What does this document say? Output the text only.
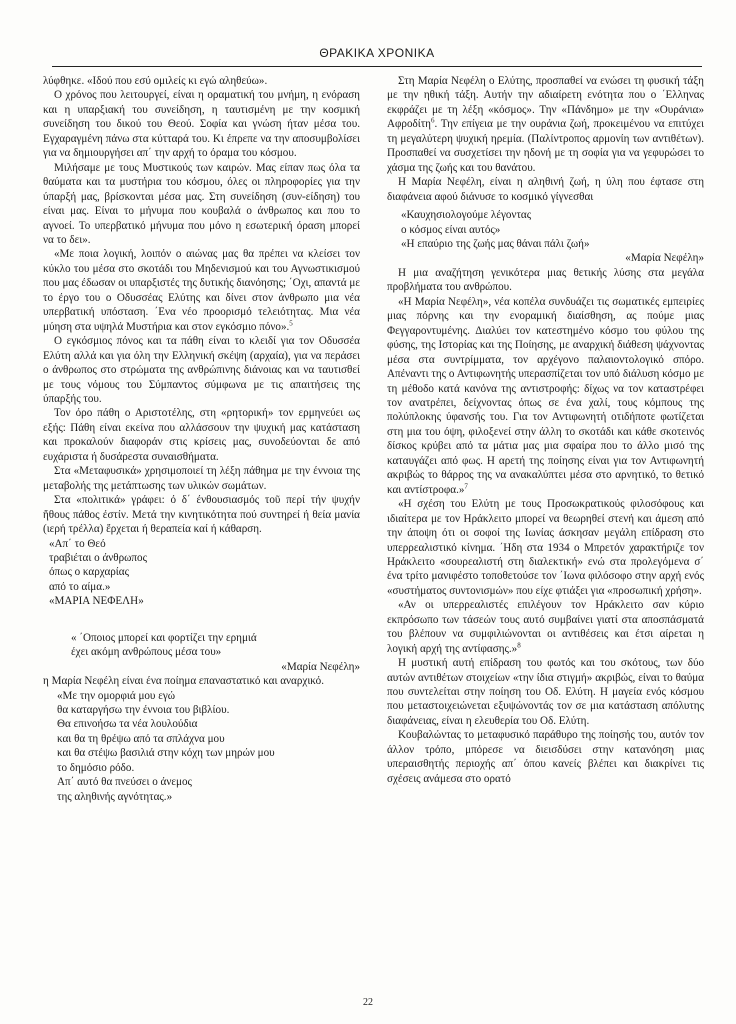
ΘΡΑΚΙΚΑ ΧΡΟΝΙΚΑ

λύφθηκε. «Ιδού που εσύ ομιλείς κι εγώ αληθεύω».

Ο χρόνος που λειτουργεί, είναι η οραματική του μνήμη, η ενόραση και η υπαρξιακή του συνείδηση, η ταυτισμένη με την κοσμική συνείδηση του δικού του Θεού. Σοφία και γνώση ήταν μέσα του. Εγχαραγμένη πάνω στα κύτταρά του. Κι έπρεπε να την αποσυμβολίσει για να δημιουργήσει απ΄ την αρχή το όραμα του κόσμου.

Μιλήσαμε με τους Μυστικούς των καιρών. Μας είπαν πως όλα τα θαύματα και τα μυστήρια του κόσμου, όλες οι πληροφορίες για την ύπαρξή μας, βρίσκονται μέσα μας. Στη συνείδηση (συν-είδηση) του είναι μας. Είναι το μήνυμα που κουβαλά ο άνθρωπος και που το αγνοεί. Το υπερβατικό μήνυμα που μόνο η εσωτερική όραση μπορεί να το δει».

«Με ποια λογική, λοιπόν ο αιώνας μας θα πρέπει να κλείσει τον κύκλο του μέσα στο σκοτάδι του Μηδενισμού και του Αγνωστικισμού που μας έδωσαν οι υπαρξιστές της δυτικής διανόησης; ΄Οχι, απαντά με το έργο του ο Οδυσσέας Ελύτης και δίνει στον άνθρωπο μια νέα υπερβατική υπόσταση. ΄Ενα νέο προορισμό τελειότητας. Μια νέα μύηση στα υψηλά Μυστήρια και στον εγκόσμιο πόνο».$^5$

Ο εγκόσμιος πόνος και τα πάθη είναι το κλειδί για τον Οδυσσέα Ελύτη αλλά και για όλη την Ελληνική σκέψη (αρχαία), για να περάσει ο άνθρωπος στο στρώματα της ανθρώπινης διάνοιας και να ταυτισθεί με τους νόμους του Σύμπαντος σύμφωνα με τις απαιτήσεις της ύπαρξής του.

Τον όρο πάθη ο Αριστοτέλης, στη «ρητορική» τον ερμηνεύει ως εξής: Πάθη είναι εκείνα που αλλάσσουν την ψυχική μας κατάσταση και προκαλούν διαφοράν στις κρίσεις μας, συνοδεύονται δε από ευχάριστα ή δυσάρεστα συναισθήματα.

Στα «Μεταφυσικά» χρησιμοποιεί τη λέξη πάθημα με την έννοια της μεταβολής της μετάπτωσης των υλικών σωμάτων.

Στα «πολιτικά» γράφει: ό δ΄ ένθουσιασμός τοῦ περί τήν ψυχήν ἤθους πάθος έστίν. Μετά την κινητικότητα πού συντηρεί ή θεία μανία (ιερή τρέλλα) ἔρχεται ή θεραπεία καί ή κάθαρση.

«Απ΄ το Θεό
τραβιέται ο άνθρωπος
όπως ο καρχαρίας
από το αίμα.»
«ΜΑΡΙΑ ΝΕΦΕΛΗ»
« ΄Οποιος μπορεί και φορτίζει την ερημιά
έχει ακόμη ανθρώπους μέσα του»
«Μαρία Νεφέλη»

η Μαρία Νεφέλη είναι ένα ποίημα επαναστατικό και αναρχικό.

«Με την ομορφιά μου εγώ
θα καταργήσω την έννοια του βιβλίου.
Θα επινοήσω τα νέα λουλούδια
και θα τη θρέψω από τα σπλάχνα μου
και θα στέψω βασιλιά στην κόχη των μηρών μου
το δημόσιο ρόδο.
Απ΄ αυτό θα πνεύσει ο άνεμος
της αληθινής αγνότητας.»

Στη Μαρία Νεφέλη ο Ελύτης, προσπαθεί να ενώσει τη φυσική τάξη με την ηθική τάξη. Αυτήν την αδιαίρετη ενότητα που ο ΄Ελληνας εκφράζει με τη λέξη «κόσμος». Την «Πάνδημο» με την «Ουράνια» Αφροδίτη$^6$. Την επίγεια με την ουράνια ζωή, προκειμένου να επιτύχει τη μεγαλύτερη ψυχική ηρεμία. (Παλίντροπος αρμονίη των αντιθέτων). Προσπαθεί να συσχετίσει την ηδονή με τη σοφία για να γεφυρώσει το χάσμα της ζωής και του θανάτου.

Η Μαρία Νεφέλη, είναι η αληθινή ζωή, η ύλη που έφτασε στη διαφάνεια αφού διάνυσε το κοσμικό γίγνεσθαι

«Καυχησιολογούμε λέγοντας
ο κόσμος είναι αυτός»
«Η επαύριο της ζωής μας θάναι πάλι ζωή»
«Μαρία Νεφέλη»

Η μια αναζήτηση γενικότερα μιας θετικής λύσης στα μεγάλα προβλήματα του ανθρώπου.

«Η Μαρία Νεφέλη», νέα κοπέλα συνδυάζει τις σωματικές εμπειρίες μιας πόρνης και την ενοραμική διαίσθηση, ας πούμε μιας Φεγγαροντυμένης. Διαλύει τον κατεστημένο κόσμο του φύλου της φύσης, της Ιστορίας και της Ποίησης, με αναρχική διάθεση ψάχνοντας μέσα στα συντρίμματα, τον αρχέγονο παλαιοντολογικό σπόρο. Απέναντι της ο Αντιφωνητής υπερασπίζεται τον υπό διάλυση κόσμο με τη μέθοδο κατά κανόνα της αντιστροφής: δίχως να τον καταστρέφει τον ανατρέπει, δείχνοντας όπως σε ένα χαλί, τους κόμπους της πολύπλοκης ύφανσής του. Για τον Αντιφωνητή οτιδήποτε φωτίζεται στη μια του όψη, φιλοξενεί στην άλλη το σκοτάδι και κάθε σκοτεινός δίσκος κρύβει από τα μάτια μας μια σφαίρα που το άλλο μισό της καταυγάζει από φως. Η αρετή της ποίησης είναι για τον Αντιφωνητή ακριβώς το θάρρος της να ανακαλύπτει μέσα στο αρνητικό, το θετικό και αντίστροφα.»$^7$

«Η σχέση του Ελύτη με τους Προσωκρατικούς φιλοσόφους και ιδιαίτερα με τον Ηράκλειτο μπορεί να θεωρηθεί στενή και άμεση από την άποψη ότι οι σοφοί της Ιωνίας άσκησαν μεγάλη επίδραση στο υπερρεαλιστικό κίνημα. ΄Ηδη στα 1934 ο Μπρετόν χαρακτήριζε τον Ηράκλειτο «σουρεαλιστή στη διαλεκτική» ενώ στα προλεγόμενα σ΄ ένα τρίτο μανιφέστο τοποθετούσε τον ΄Ιωνα φιλόσοφο στην αρχή ενός «συστήματος συντονισμών» που είχε φτιάξει για «προσωπική χρήση».

«Αν οι υπερρεαλιστές επιλέγουν τον Ηράκλειτο σαν κύριο εκπρόσωπο των τάσεών τους αυτό συμβαίνει γιατί στα αποσπάσματά του βλέπουν να συμφιλιώνονται οι αντιθέσεις και έτσι αίρεται η λογική αρχή της αντίφασης.»$^8$

Η μυστική αυτή επίδραση του φωτός και του σκότους, των δύο αυτών αντιθέτων στοιχείων «την ίδια στιγμή» ακριβώς, είναι το θαύμα που συντελείται στην ποίηση του Οδ. Ελύτη. Η μαγεία ενός κόσμου που μεταστοιχειώνεται εξυψώνοντάς τον σε μια κατάσταση απόλυτης διαφάνειας, είναι η ελευθερία του Οδ. Ελύτη.

Κουβαλώντας το μεταφυσικό παράθυρο της ποίησής του, αυτόν τον άλλον τρόπο, μπόρεσε να διεισδύσει στην κατανόηση μιας υπεραισθητής περιοχής απ΄ όπου κανείς βλέπει και διακρίνει τις σχέσεις ανάμεσα στο ορατό

22
